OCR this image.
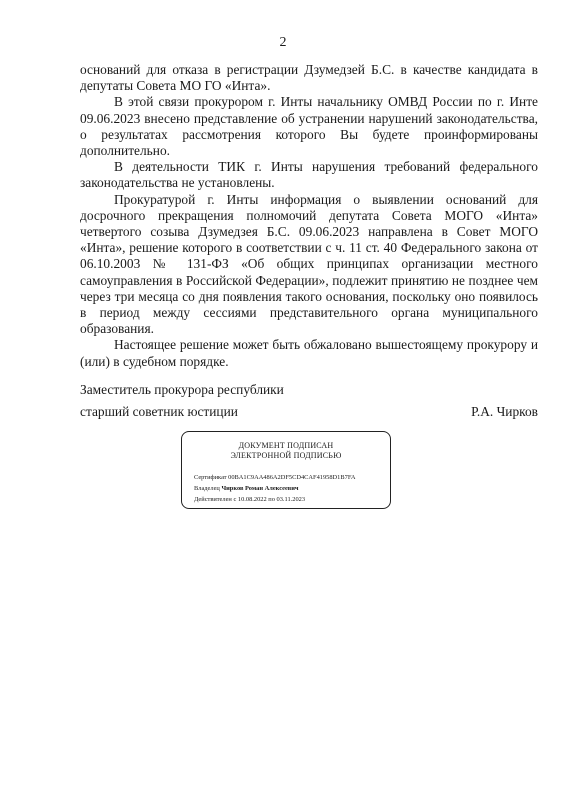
2

оснований для отказа в регистрации Дзумедзей Б.С. в качестве кандидата в депутаты Совета МО ГО «Инта».

В этой связи прокурором г. Инты начальнику ОМВД России по г. Инте 09.06.2023 внесено представление об устранении нарушений законодательства, о результатах рассмотрения которого Вы будете проинформированы дополнительно.

В деятельности ТИК г. Инты нарушения требований федерального законодательства не установлены.

Прокуратурой г. Инты информация о выявлении оснований для досрочного прекращения полномочий депутата Совета МОГО «Инта» четвертого созыва Дзумедзея Б.С. 09.06.2023 направлена в Совет МОГО «Инта», решение которого в соответствии с ч. 11 ст. 40 Федерального закона от 06.10.2003 № 131-ФЗ «Об общих принципах организации местного самоуправления в Российской Федерации», подлежит принятию не позднее чем через три месяца со дня появления такого основания, поскольку оно появилось в период между сессиями представительного органа муниципального образования.

Настоящее решение может быть обжаловано вышестоящему прокурору и (или) в судебном порядке.

Заместитель прокурора республики
старший советник юстиции	Р.А. Чирков
ДОКУМЕНТ ПОДПИСАН
ЭЛЕКТРОННОЙ ПОДПИСЬЮ
Сертификат 00BA1C9AA486A2DF5CD4CAF41958D1B7FA
Владелец Чирков Роман Алексеевич
Действителен с 10.08.2022 по 03.11.2023
